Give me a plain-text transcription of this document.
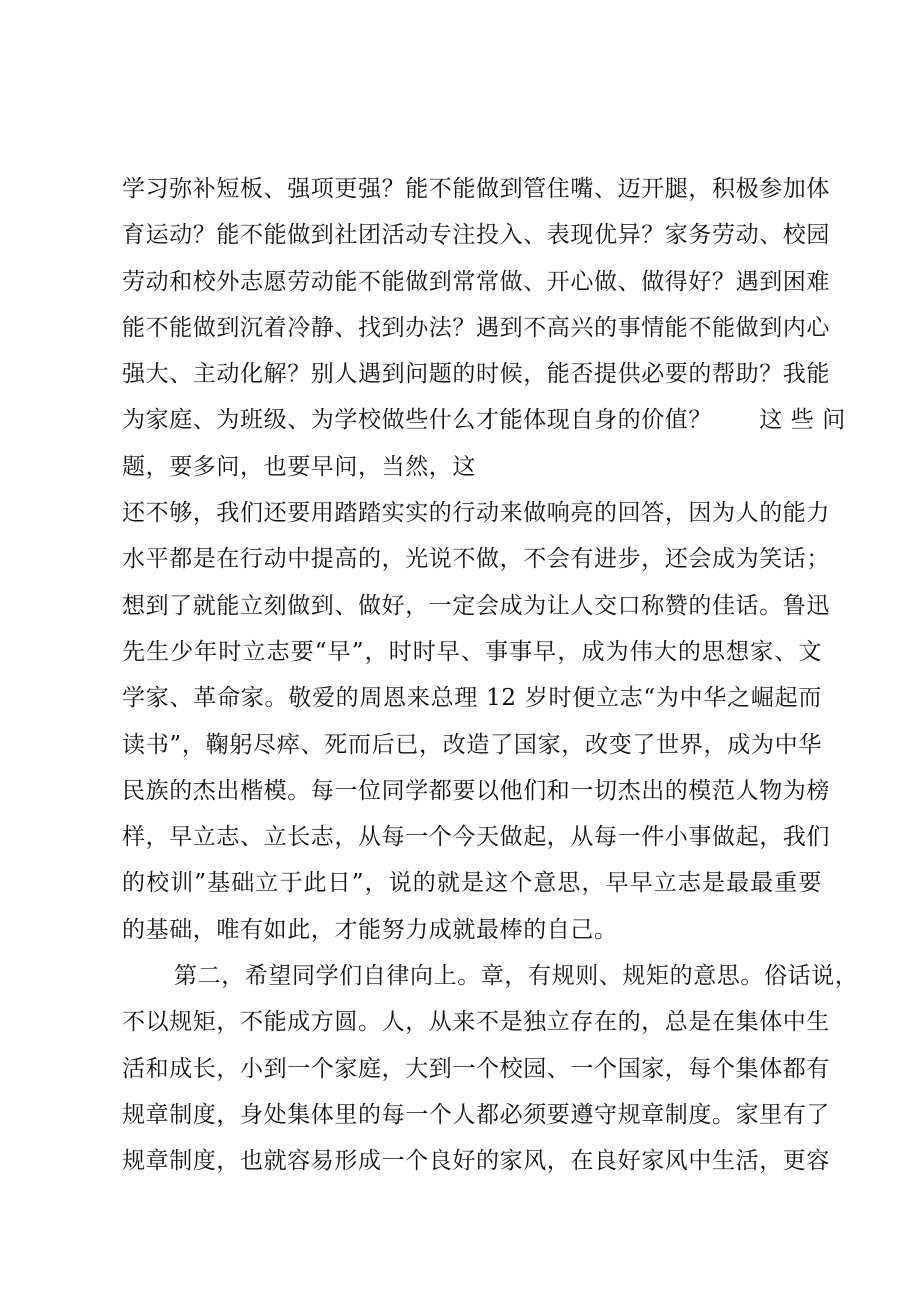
学习弥补短板、强项更强？能不能做到管住嘴、迈开腿，积极参加体
育运动？能不能做到社团活动专注投入、表现优异？家务劳动、校园
劳动和校外志愿劳动能不能做到常常做、开心做、做得好？遇到困难
能不能做到沉着冷静、找到办法？遇到不高兴的事情能不能做到内心
强大、主动化解？别人遇到问题的时候，能否提供必要的帮助？我能
为家庭、为班级、为学校做些什么才能体现自身的价值？　　这 些 问
题，要多问，也要早问，当然，这
还不够，我们还要用踏踏实实的行动来做响亮的回答，因为人的能力
水平都是在行动中提高的，光说不做，不会有进步，还会成为笑话；
想到了就能立刻做到、做好，一定会成为让人交口称赞的佳话。鲁迅
先生少年时立志要“早”，时时早、事事早，成为伟大的思想家、文
学家、革命家。敬爱的周恩来总理 12 岁时便立志“为中华之崛起而
读书”，鞠躬尽瘁、死而后已，改造了国家，改变了世界，成为中华
民族的杰出楷模。每一位同学都要以他们和一切杰出的模范人物为榜
样，早立志、立长志，从每一个今天做起，从每一件小事做起，我们
的校训”基础立于此日”，说的就是这个意思，早早立志是最最重要
的基础，唯有如此，才能努力成就最棒的自己。
第二，希望同学们自律向上。章，有规则、规矩的意思。俗话说，
不以规矩，不能成方圆。人，从来不是独立存在的，总是在集体中生
活和成长，小到一个家庭，大到一个校园、一个国家，每个集体都有
规章制度，身处集体里的每一个人都必须要遵守规章制度。家里有了
规章制度，也就容易形成一个良好的家风，在良好家风中生活，更容
